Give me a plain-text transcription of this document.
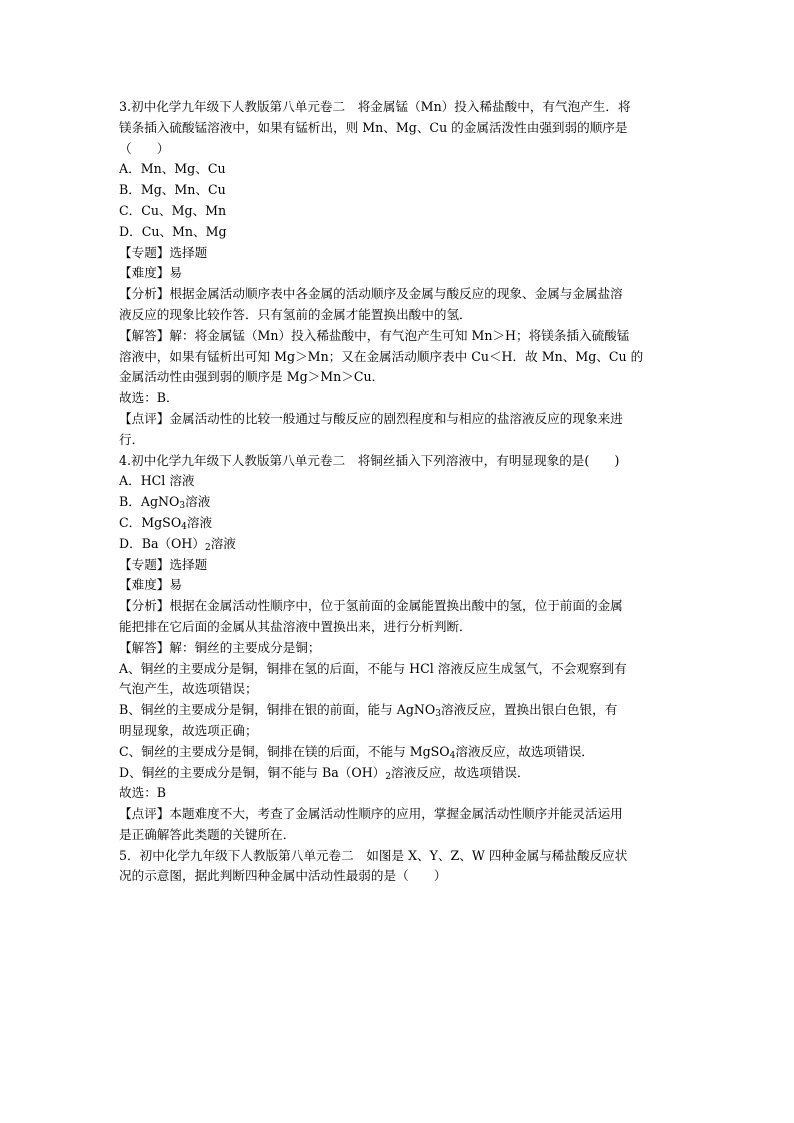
3.初中化学九年级下人教版第八单元卷二　将金属锰（Mn）投入稀盐酸中，有气泡产生．将
镁条插入硫酸锰溶液中，如果有锰析出，则 Mn、Mg、Cu 的金属活泼性由强到弱的顺序是
（　　）
A．Mn、Mg、Cu
B．Mg、Mn、Cu
C．Cu、Mg、Mn
D．Cu、Mn、Mg
【专题】选择题
【难度】易
【分析】根据金属活动顺序表中各金属的活动顺序及金属与酸反应的现象、金属与金属盐溶
液反应的现象比较作答．只有氢前的金属才能置换出酸中的氢．
【解答】解：将金属锰（Mn）投入稀盐酸中，有气泡产生可知 Mn＞H；将镁条插入硫酸锰
溶液中，如果有锰析出可知 Mg＞Mn；又在金属活动顺序表中 Cu＜H．故 Mn、Mg、Cu 的
金属活动性由强到弱的顺序是 Mg＞Mn＞Cu．
故选：B．
【点评】金属活动性的比较一般通过与酸反应的剧烈程度和与相应的盐溶液反应的现象来进
行．
4.初中化学九年级下人教版第八单元卷二　将铜丝插入下列溶液中，有明显现象的是(　　)
A．HCl 溶液
B．AgNO$_3$溶液
C．MgSO$_4$溶液
D．$Ba(OH)_2$溶液
【专题】选择题
【难度】易
【分析】根据在金属活动性顺序中，位于氢前面的金属能置换出酸中的氢，位于前面的金属
能把排在它后面的金属从其盐溶液中置换出来，进行分析判断．
【解答】解：铜丝的主要成分是铜；
A、铜丝的主要成分是铜，铜排在氢的后面，不能与 HCl 溶液反应生成氢气，不会观察到有
气泡产生，故选项错误；
B、铜丝的主要成分是铜，铜排在银的前面，能与 AgNO$_3$溶液反应，置换出银白色银，有
明显现象，故选项正确；
C、铜丝的主要成分是铜，铜排在镁的后面，不能与 MgSO$_4$溶液反应，故选项错误．
D、铜丝的主要成分是铜，铜不能与 $Ba(OH)_2$溶液反应，故选项错误．
故选：B
【点评】本题难度不大，考查了金属活动性顺序的应用，掌握金属活动性顺序并能灵活运用
是正确解答此类题的关键所在．
5．初中化学九年级下人教版第八单元卷二　如图是 X、Y、Z、W 四种金属与稀盐酸反应状
况的示意图，据此判断四种金属中活动性最弱的是（　　）
